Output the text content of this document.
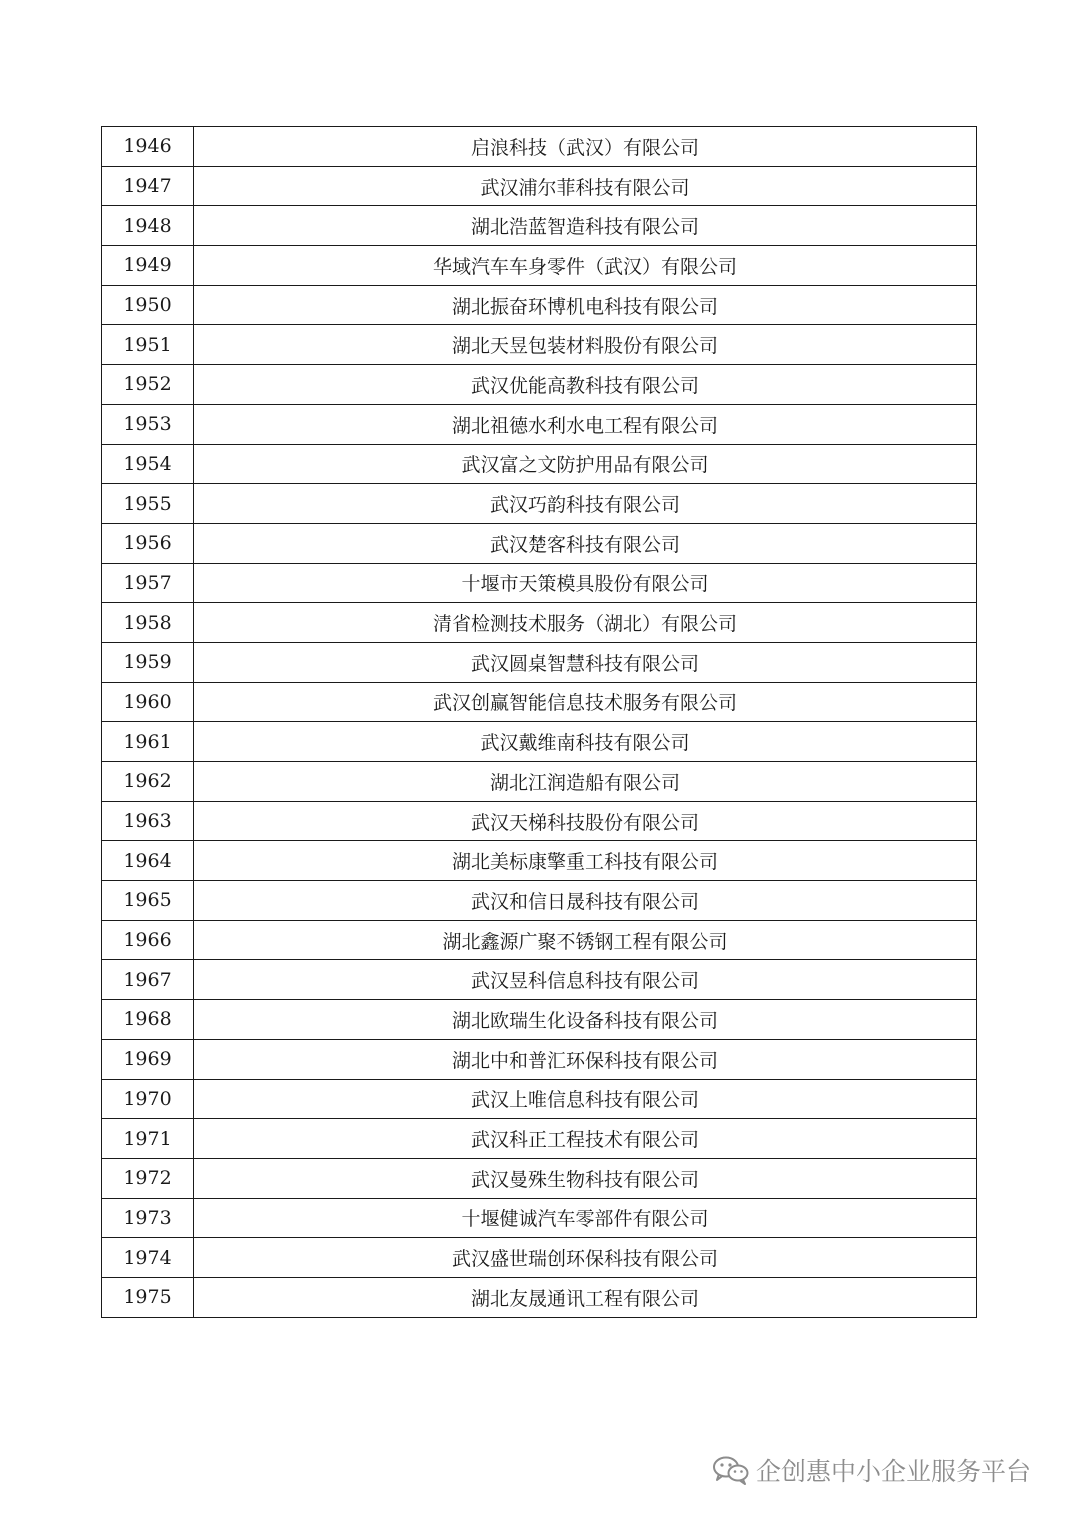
1946	启浪科技（武汉）有限公司
1947	武汉浦尔菲科技有限公司
1948	湖北浩蓝智造科技有限公司
1949	华域汽车车身零件（武汉）有限公司
1950	湖北振奋环博机电科技有限公司
1951	湖北天昱包装材料股份有限公司
1952	武汉优能高教科技有限公司
1953	湖北祖德水利水电工程有限公司
1954	武汉富之文防护用品有限公司
1955	武汉巧韵科技有限公司
1956	武汉楚客科技有限公司
1957	十堰市天策模具股份有限公司
1958	清省检测技术服务（湖北）有限公司
1959	武汉圆桌智慧科技有限公司
1960	武汉创赢智能信息技术服务有限公司
1961	武汉戴维南科技有限公司
1962	湖北江润造船有限公司
1963	武汉天梯科技股份有限公司
1964	湖北美标康擎重工科技有限公司
1965	武汉和信日晟科技有限公司
1966	湖北鑫源广聚不锈钢工程有限公司
1967	武汉昱科信息科技有限公司
1968	湖北欧瑞生化设备科技有限公司
1969	湖北中和普汇环保科技有限公司
1970	武汉上唯信息科技有限公司
1971	武汉科正工程技术有限公司
1972	武汉曼殊生物科技有限公司
1973	十堰健诚汽车零部件有限公司
1974	武汉盛世瑞创环保科技有限公司
1975	湖北友晟通讯工程有限公司
企创惠中小企业服务平台
